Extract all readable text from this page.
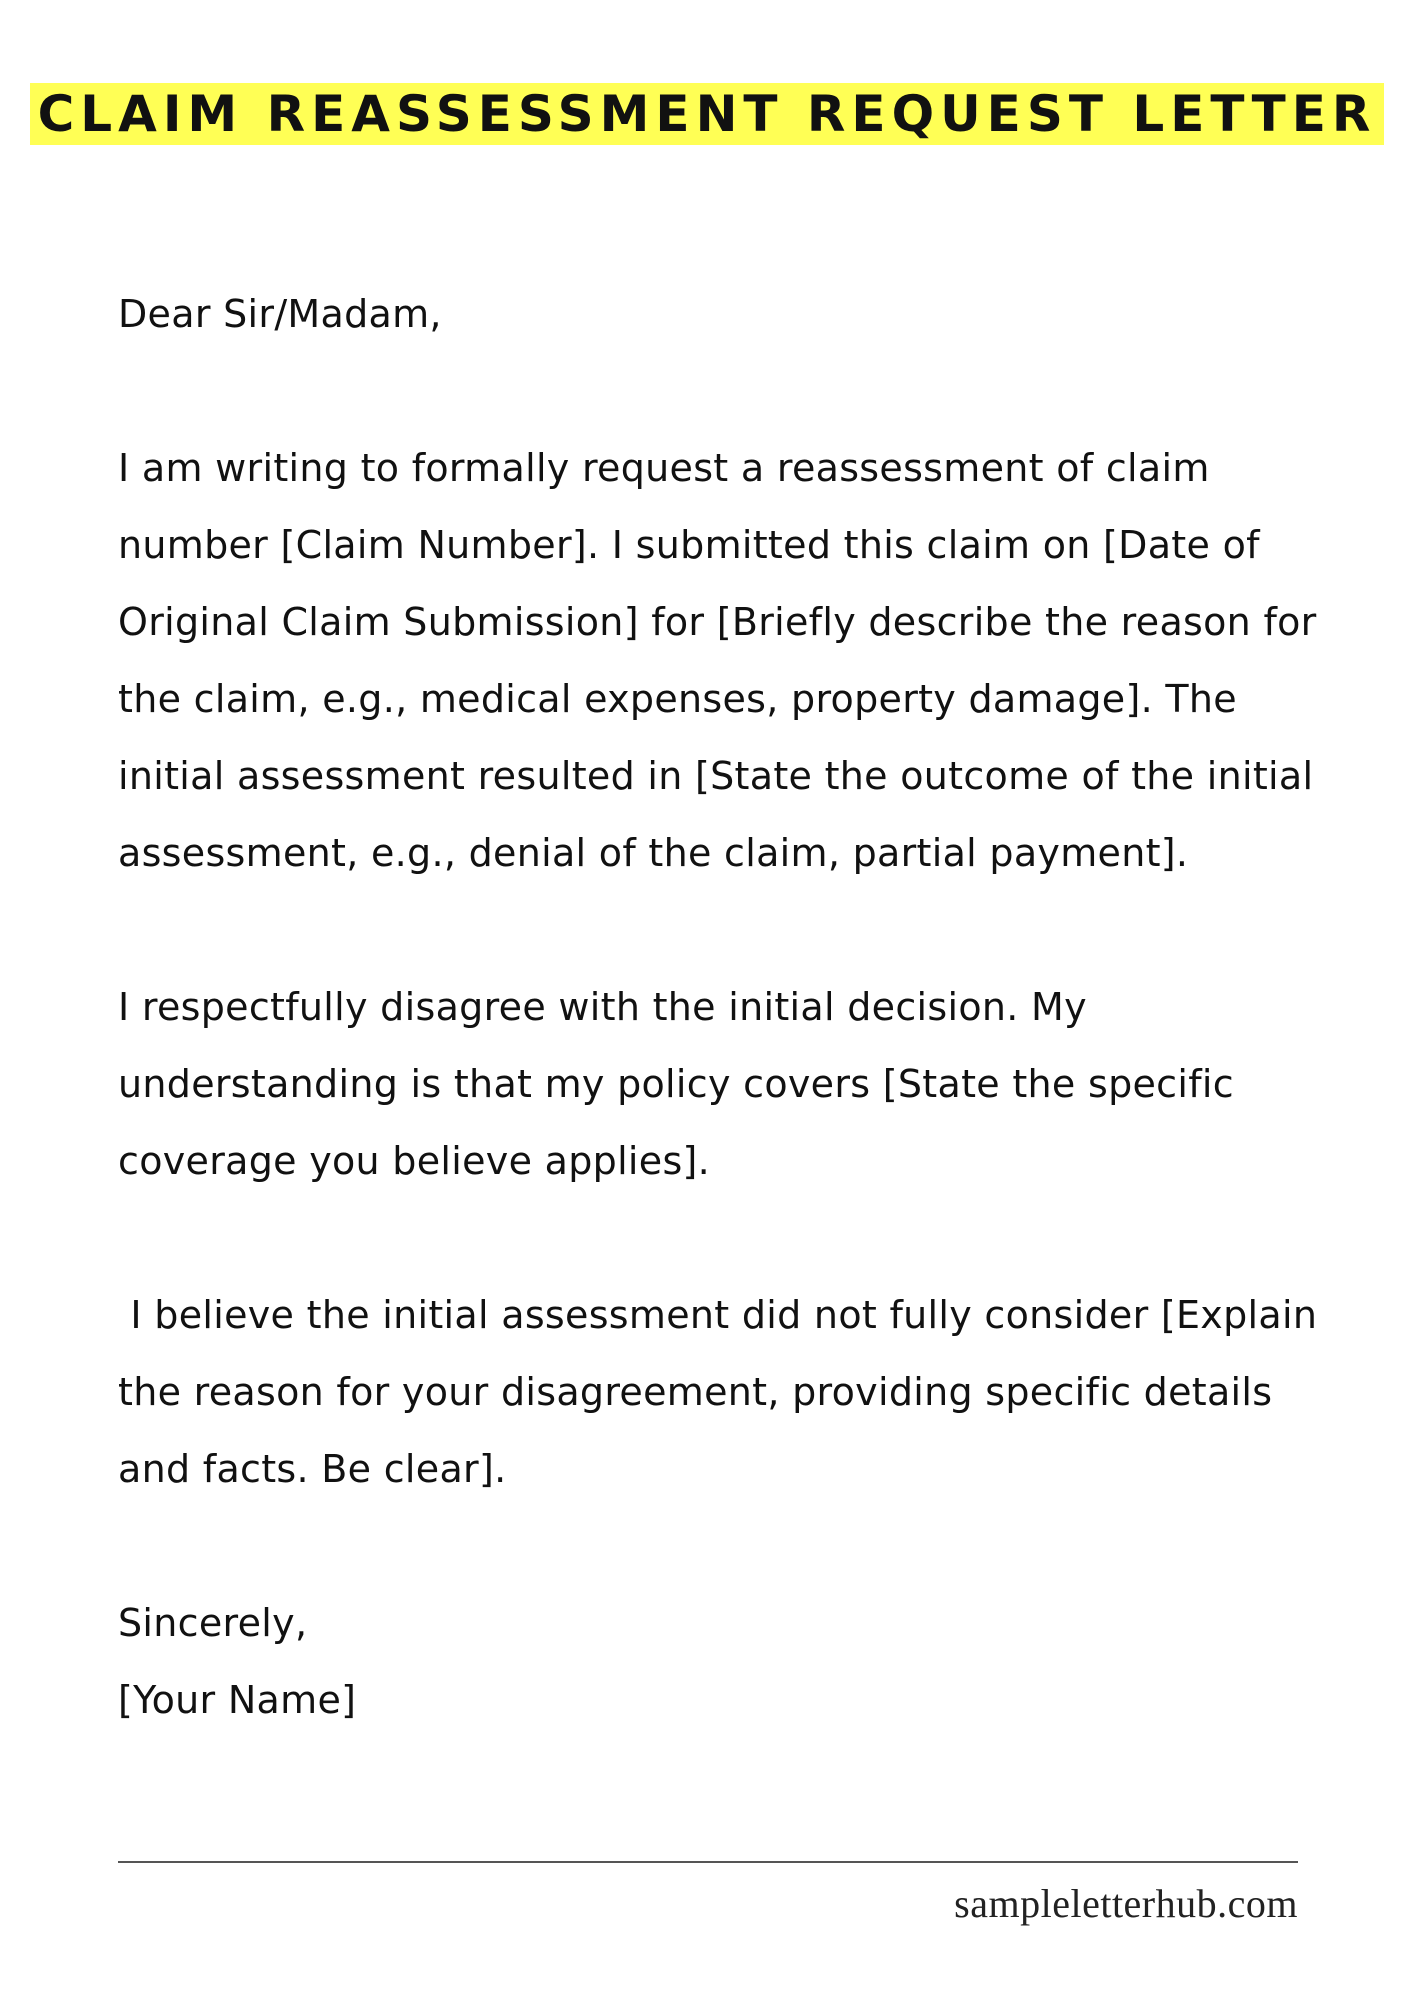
CLAIM REASSESSMENT REQUEST LETTER

Dear Sir/Madam,

I am writing to formally request a reassessment of claim number [Claim Number]. I submitted this claim on [Date of Original Claim Submission] for [Briefly describe the reason for the claim, e.g., medical expenses, property damage]. The initial assessment resulted in [State the outcome of the initial assessment, e.g., denial of the claim, partial payment].

I respectfully disagree with the initial decision. My understanding is that my policy covers [State the specific coverage you believe applies].

I believe the initial assessment did not fully consider [Explain the reason for your disagreement, providing specific details and facts. Be clear].

Sincerely,

[Your Name]

sampleletterhub.com
